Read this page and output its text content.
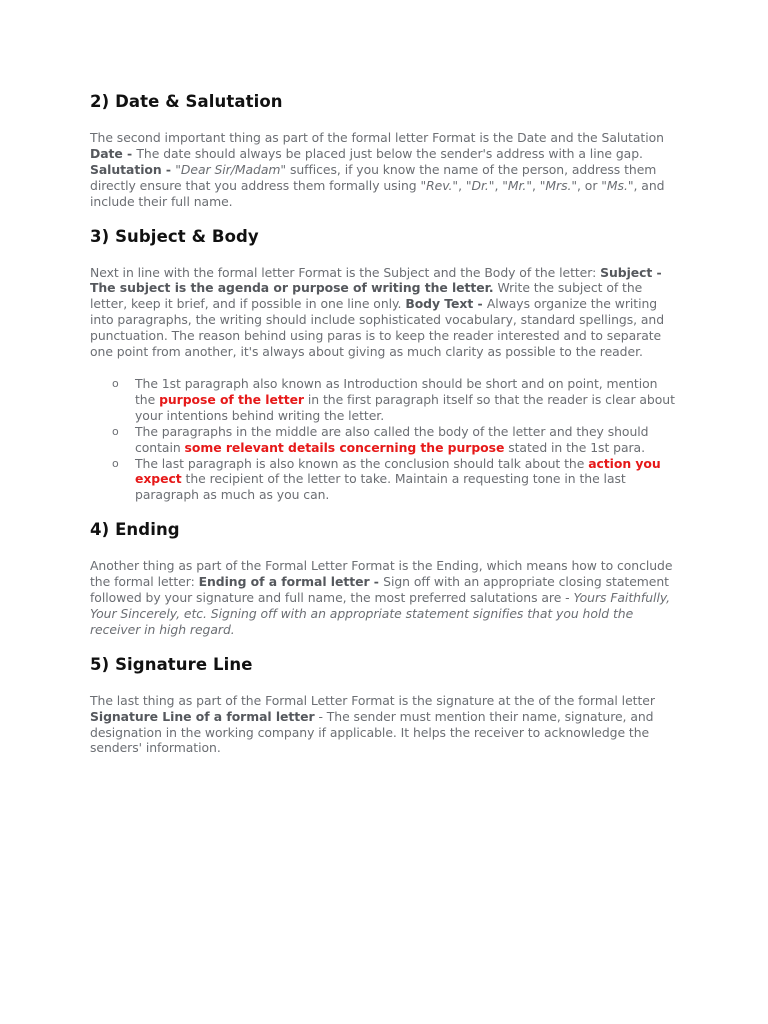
2) Date & Salutation

The second important thing as part of the formal letter Format is the Date and the Salutation Date - The date should always be placed just below the sender's address with a line gap. Salutation - "Dear Sir/Madam" suffices, if you know the name of the person, address them directly ensure that you address them formally using "Rev.", "Dr.", "Mr.", "Mrs.", or "Ms.", and include their full name.

3) Subject & Body

Next in line with the formal letter Format is the Subject and the Body of the letter: Subject - The subject is the agenda or purpose of writing the letter. Write the subject of the letter, keep it brief, and if possible in one line only. Body Text - Always organize the writing into paragraphs, the writing should include sophisticated vocabulary, standard spellings, and punctuation. The reason behind using paras is to keep the reader interested and to separate one point from another, it's always about giving as much clarity as possible to the reader.

o The 1st paragraph also known as Introduction should be short and on point, mention the purpose of the letter in the first paragraph itself so that the reader is clear about your intentions behind writing the letter.
o The paragraphs in the middle are also called the body of the letter and they should contain some relevant details concerning the purpose stated in the 1st para.
o The last paragraph is also known as the conclusion should talk about the action you expect the recipient of the letter to take. Maintain a requesting tone in the last paragraph as much as you can.
4) Ending

Another thing as part of the Formal Letter Format is the Ending, which means how to conclude the formal letter: Ending of a formal letter - Sign off with an appropriate closing statement followed by your signature and full name, the most preferred salutations are - Yours Faithfully, Your Sincerely, etc. Signing off with an appropriate statement signifies that you hold the receiver in high regard.

5) Signature Line

The last thing as part of the Formal Letter Format is the signature at the of the formal letter Signature Line of a formal letter - The sender must mention their name, signature, and designation in the working company if applicable. It helps the receiver to acknowledge the senders' information.
